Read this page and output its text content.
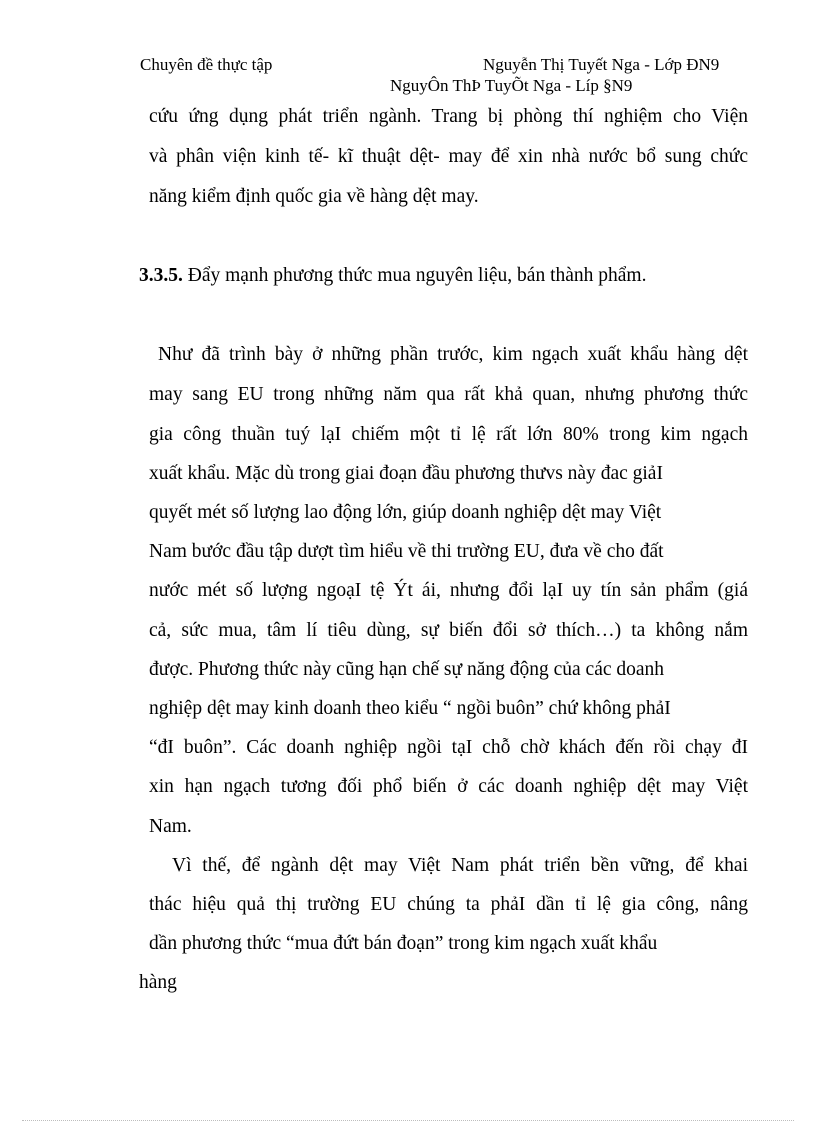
Chuyên đề thực tập	Nguyễn Thị Tuyết Nga - Lớp ĐN9
NguyÔn ThÞ TuyÕt Nga - Líp §N9
cứu ứng dụng phát triển ngành. Trang bị phòng thí nghiệm cho Viện
và phân viện kinh tế- kĩ thuật dệt- may để xin nhà nước bổ sung chức
năng kiểm định quốc gia về hàng dệt may.
3.3.5. Đẩy mạnh phương thức mua nguyên liệu, bán thành phẩm.
Như đã trình bày ở những phần trước, kim ngạch xuất khẩu hàng dệt
may sang EU trong những năm qua rất khả quan, nhưng phương thức
gia công thuần tuý lạI chiếm một tỉ lệ rất lớn 80% trong kim ngạch
xuất khẩu. Mặc dù trong giai đoạn đầu phương thưvs này đac giảI
quyết mét số lượng lao động lớn, giúp doanh nghiệp dệt may Việt
Nam bước đầu tập dượt tìm hiểu về thi trường EU, đưa về cho đất
nước mét số lượng ngoạI tệ Ýt ái, nhưng đổi lạI uy tín sản phẩm (giá
cả, sức mua, tâm lí tiêu dùng, sự biến đổi sở thích…) ta không nắm
được. Phương thức này cũng hạn chế sự năng động của các doanh
nghiệp dệt may kinh doanh theo kiểu “ ngồi buôn” chứ không phảI
“đI buôn”. Các doanh nghiệp ngồi tạI chỗ chờ khách đến rồi chạy đI
xin hạn ngạch tương đối phổ biến ở các doanh nghiệp dệt may Việt
Nam.
Vì thế, để ngành dệt may Việt Nam phát triển bền vững, để khai
thác hiệu quả thị trường EU chúng ta phảI dần tỉ lệ gia công, nâng
dần phương thức “mua đứt bán đoạn” trong kim ngạch xuất khẩu
hàng
